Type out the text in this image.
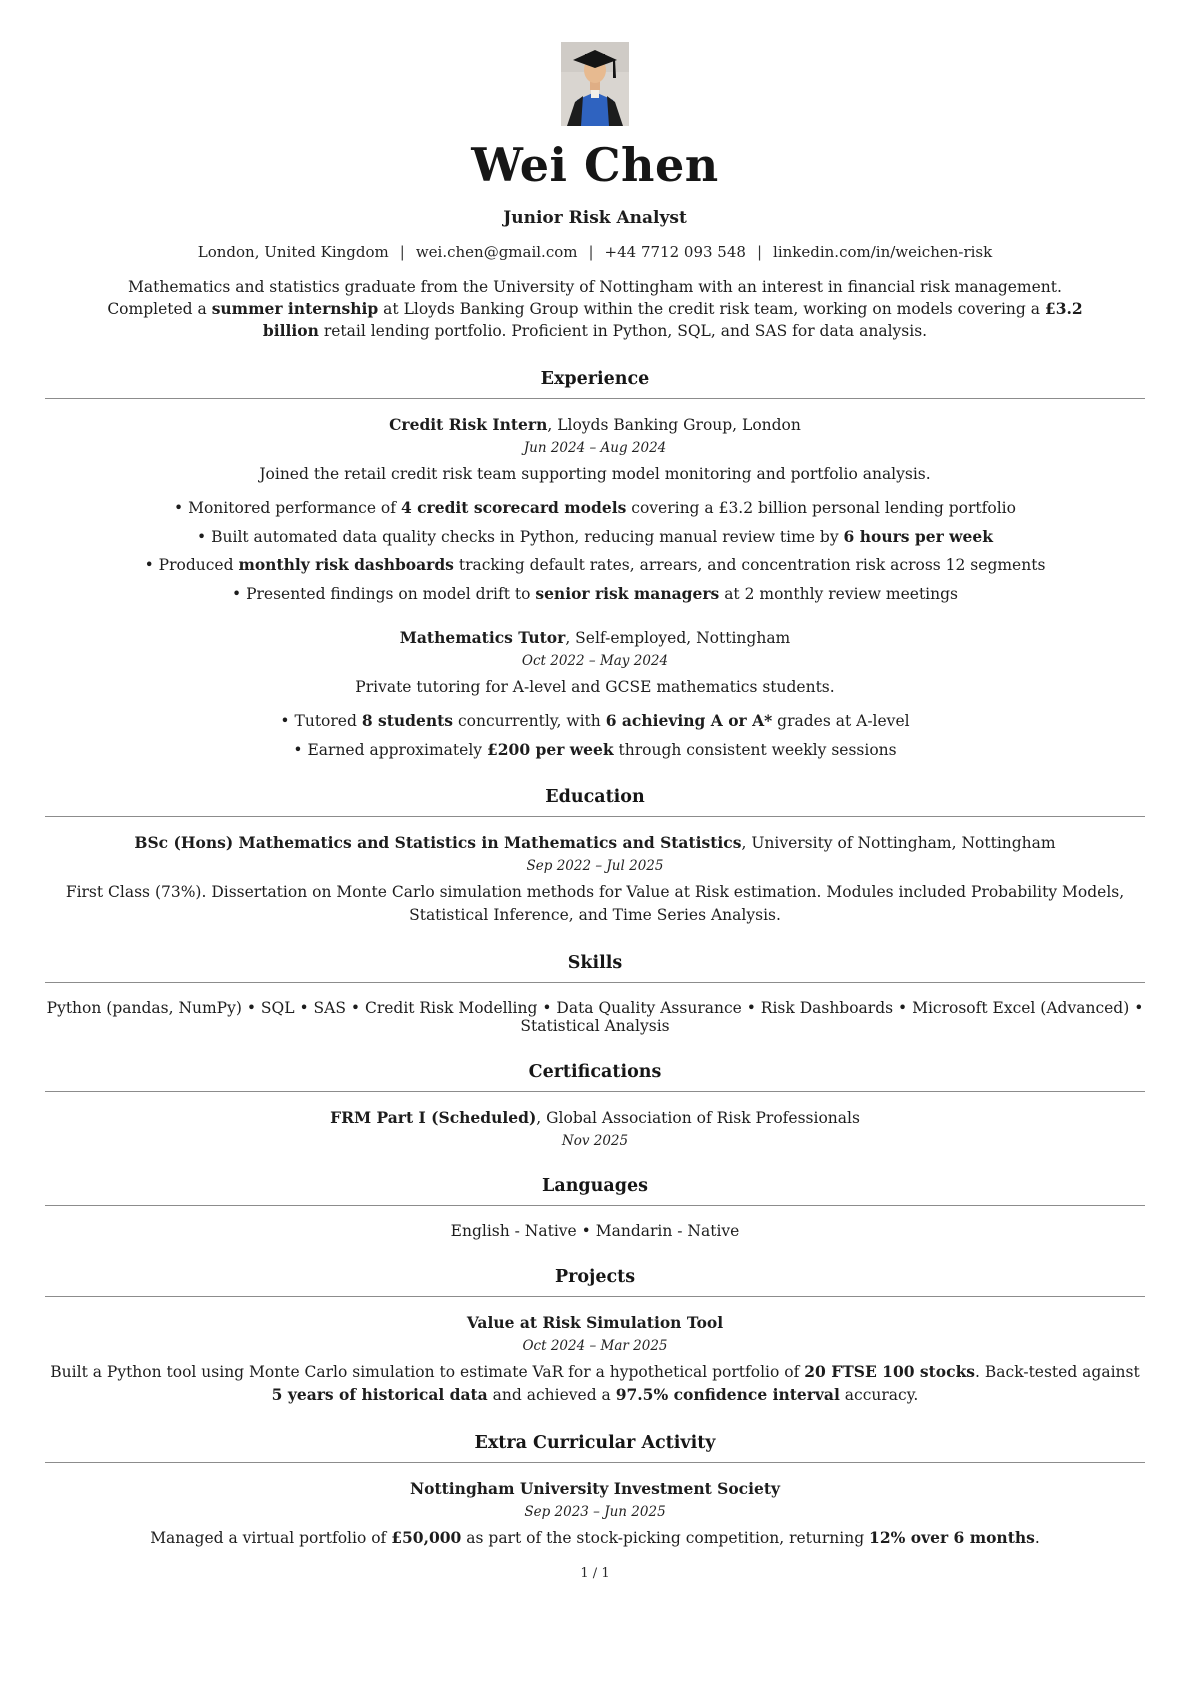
Wei Chen
Junior Risk Analyst
London, United Kingdom | wei.chen@gmail.com | +44 7712 093 548 | linkedin.com/in/weichen-risk

Mathematics and statistics graduate from the University of Nottingham with an interest in financial risk management. Completed a summer internship at Lloyds Banking Group within the credit risk team, working on models covering a £3.2 billion retail lending portfolio. Proficient in Python, SQL, and SAS for data analysis.

Experience
Credit Risk Intern, Lloyds Banking Group, London
Jun 2024 – Aug 2024
Joined the retail credit risk team supporting model monitoring and portfolio analysis.
• Monitored performance of 4 credit scorecard models covering a £3.2 billion personal lending portfolio
• Built automated data quality checks in Python, reducing manual review time by 6 hours per week
• Produced monthly risk dashboards tracking default rates, arrears, and concentration risk across 12 segments
• Presented findings on model drift to senior risk managers at 2 monthly review meetings
Mathematics Tutor, Self-employed, Nottingham
Oct 2022 – May 2024
Private tutoring for A-level and GCSE mathematics students.
• Tutored 8 students concurrently, with 6 achieving A or A* grades at A-level
• Earned approximately £200 per week through consistent weekly sessions
Education
BSc (Hons) Mathematics and Statistics in Mathematics and Statistics, University of Nottingham, Nottingham
Sep 2022 – Jul 2025
First Class (73%). Dissertation on Monte Carlo simulation methods for Value at Risk estimation. Modules included Probability Models, Statistical Inference, and Time Series Analysis.
Skills
Python (pandas, NumPy) • SQL • SAS • Credit Risk Modelling • Data Quality Assurance • Risk Dashboards • Microsoft Excel (Advanced) • Statistical Analysis
Certifications
FRM Part I (Scheduled), Global Association of Risk Professionals
Nov 2025
Languages
English - Native • Mandarin - Native
Projects
Value at Risk Simulation Tool
Oct 2024 – Mar 2025
Built a Python tool using Monte Carlo simulation to estimate VaR for a hypothetical portfolio of 20 FTSE 100 stocks. Back-tested against 5 years of historical data and achieved a 97.5% confidence interval accuracy.
Extra Curricular Activity
Nottingham University Investment Society
Sep 2023 – Jun 2025
Managed a virtual portfolio of £50,000 as part of the stock-picking competition, returning 12% over 6 months.
1 / 1
